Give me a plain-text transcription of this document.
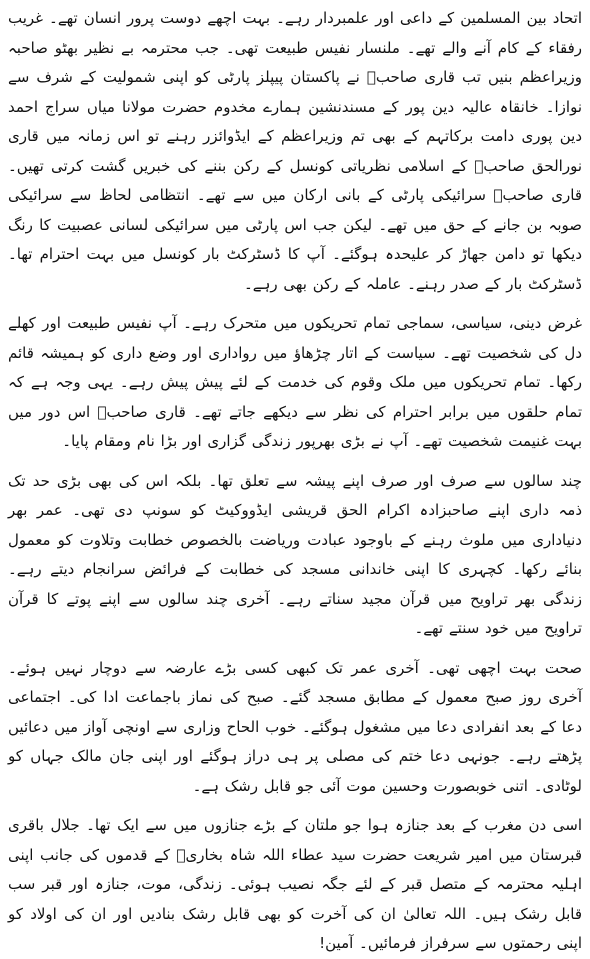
اتحاد بین المسلمین کے داعی اور علمبردار رہے۔ بہت اچھے دوست پرور انسان تھے۔ غریب رفقاء کے کام آنے والے تھے۔ ملنسار نفیس طبیعت تھی۔ جب محترمہ بے نظیر بھٹو صاحبہ وزیراعظم بنیں تب قاری صاحبؒ نے پاکستان پیپلز پارٹی کو اپنی شمولیت کے شرف سے نوازا۔ خانقاہ عالیہ دین پور کے مسندنشین ہمارے مخدوم حضرت مولانا میاں سراج احمد دین پوری دامت برکاتہم کے بھی تم وزیراعظم کے ایڈوائزر رہنے تو اس زمانہ میں قاری نورالحق صاحبؒ کے اسلامی نظریاتی کونسل کے رکن بننے کی خبریں گشت کرتی تھیں۔ قاری صاحبؒ سرائیکی پارٹی کے بانی ارکان میں سے تھے۔ انتظامی لحاظ سے سرائیکی صوبہ بن جانے کے حق میں تھے۔ لیکن جب اس پارٹی میں سرائیکی لسانی عصبیت کا رنگ دیکھا تو دامن جھاڑ کر علیحدہ ہوگئے۔ آپ کا ڈسٹرکٹ بار کونسل میں بہت احترام تھا۔ ڈسٹرکٹ بار کے صدر رہنے۔ عاملہ کے رکن بھی رہے۔

غرض دینی، سیاسی، سماجی تمام تحریکوں میں متحرک رہے۔ آپ نفیس طبیعت اور کھلے دل کی شخصیت تھے۔ سیاست کے اتار چڑھاؤ میں رواداری اور وضع داری کو ہمیشہ قائم رکھا۔ تمام تحریکوں میں ملک وقوم کی خدمت کے لئے پیش پیش رہے۔ یہی وجہ ہے کہ تمام حلقوں میں برابر احترام کی نظر سے دیکھے جاتے تھے۔ قاری صاحبؒ اس دور میں بہت غنیمت شخصیت تھے۔ آپ نے بڑی بھرپور زندگی گزاری اور بڑا نام ومقام پایا۔

چند سالوں سے صرف اور صرف اپنے پیشہ سے تعلق تھا۔ بلکہ اس کی بھی بڑی حد تک ذمہ داری اپنے صاحبزادہ اکرام الحق قریشی ایڈووکیٹ کو سونپ دی تھی۔ عمر بھر دنیاداری میں ملوث رہنے کے باوجود عبادت وریاضت بالخصوص خطابت وتلاوت کو معمول بنائے رکھا۔ کچہری کا اپنی خاندانی مسجد کی خطابت کے فرائض سرانجام دیتے رہے۔ زندگی بھر تراویح میں قرآن مجید سناتے رہے۔ آخری چند سالوں سے اپنے پوتے کا قرآن تراویح میں خود سنتے تھے۔

صحت بہت اچھی تھی۔ آخری عمر تک کبھی کسی بڑے عارضہ سے دوچار نہیں ہوئے۔ آخری روز صبح معمول کے مطابق مسجد گئے۔ صبح کی نماز باجماعت ادا کی۔ اجتماعی دعا کے بعد انفرادی دعا میں مشغول ہوگئے۔ خوب الحاح وزاری سے اونچی آواز میں دعائیں پڑھتے رہے۔ جونہی دعا ختم کی مصلی پر ہی دراز ہوگئے اور اپنی جان مالک جہاں کو لوٹادی۔ اتنی خوبصورت وحسین موت آئی جو قابل رشک ہے۔

اسی دن مغرب کے بعد جنازہ ہوا جو ملتان کے بڑے جنازوں میں سے ایک تھا۔ جلال باقری قبرستان میں امیر شریعت حضرت سید عطاء اللہ شاہ بخاریؒ کے قدموں کی جانب اپنی اہلیہ محترمہ کے متصل قبر کے لئے جگہ نصیب ہوئی۔ زندگی، موت، جنازہ اور قبر سب قابل رشک ہیں۔ اللہ تعالیٰ ان کی آخرت کو بھی قابل رشک بنادیں اور ان کی اولاد کو اپنی رحمتوں سے سرفراز فرمائیں۔ آمین!
